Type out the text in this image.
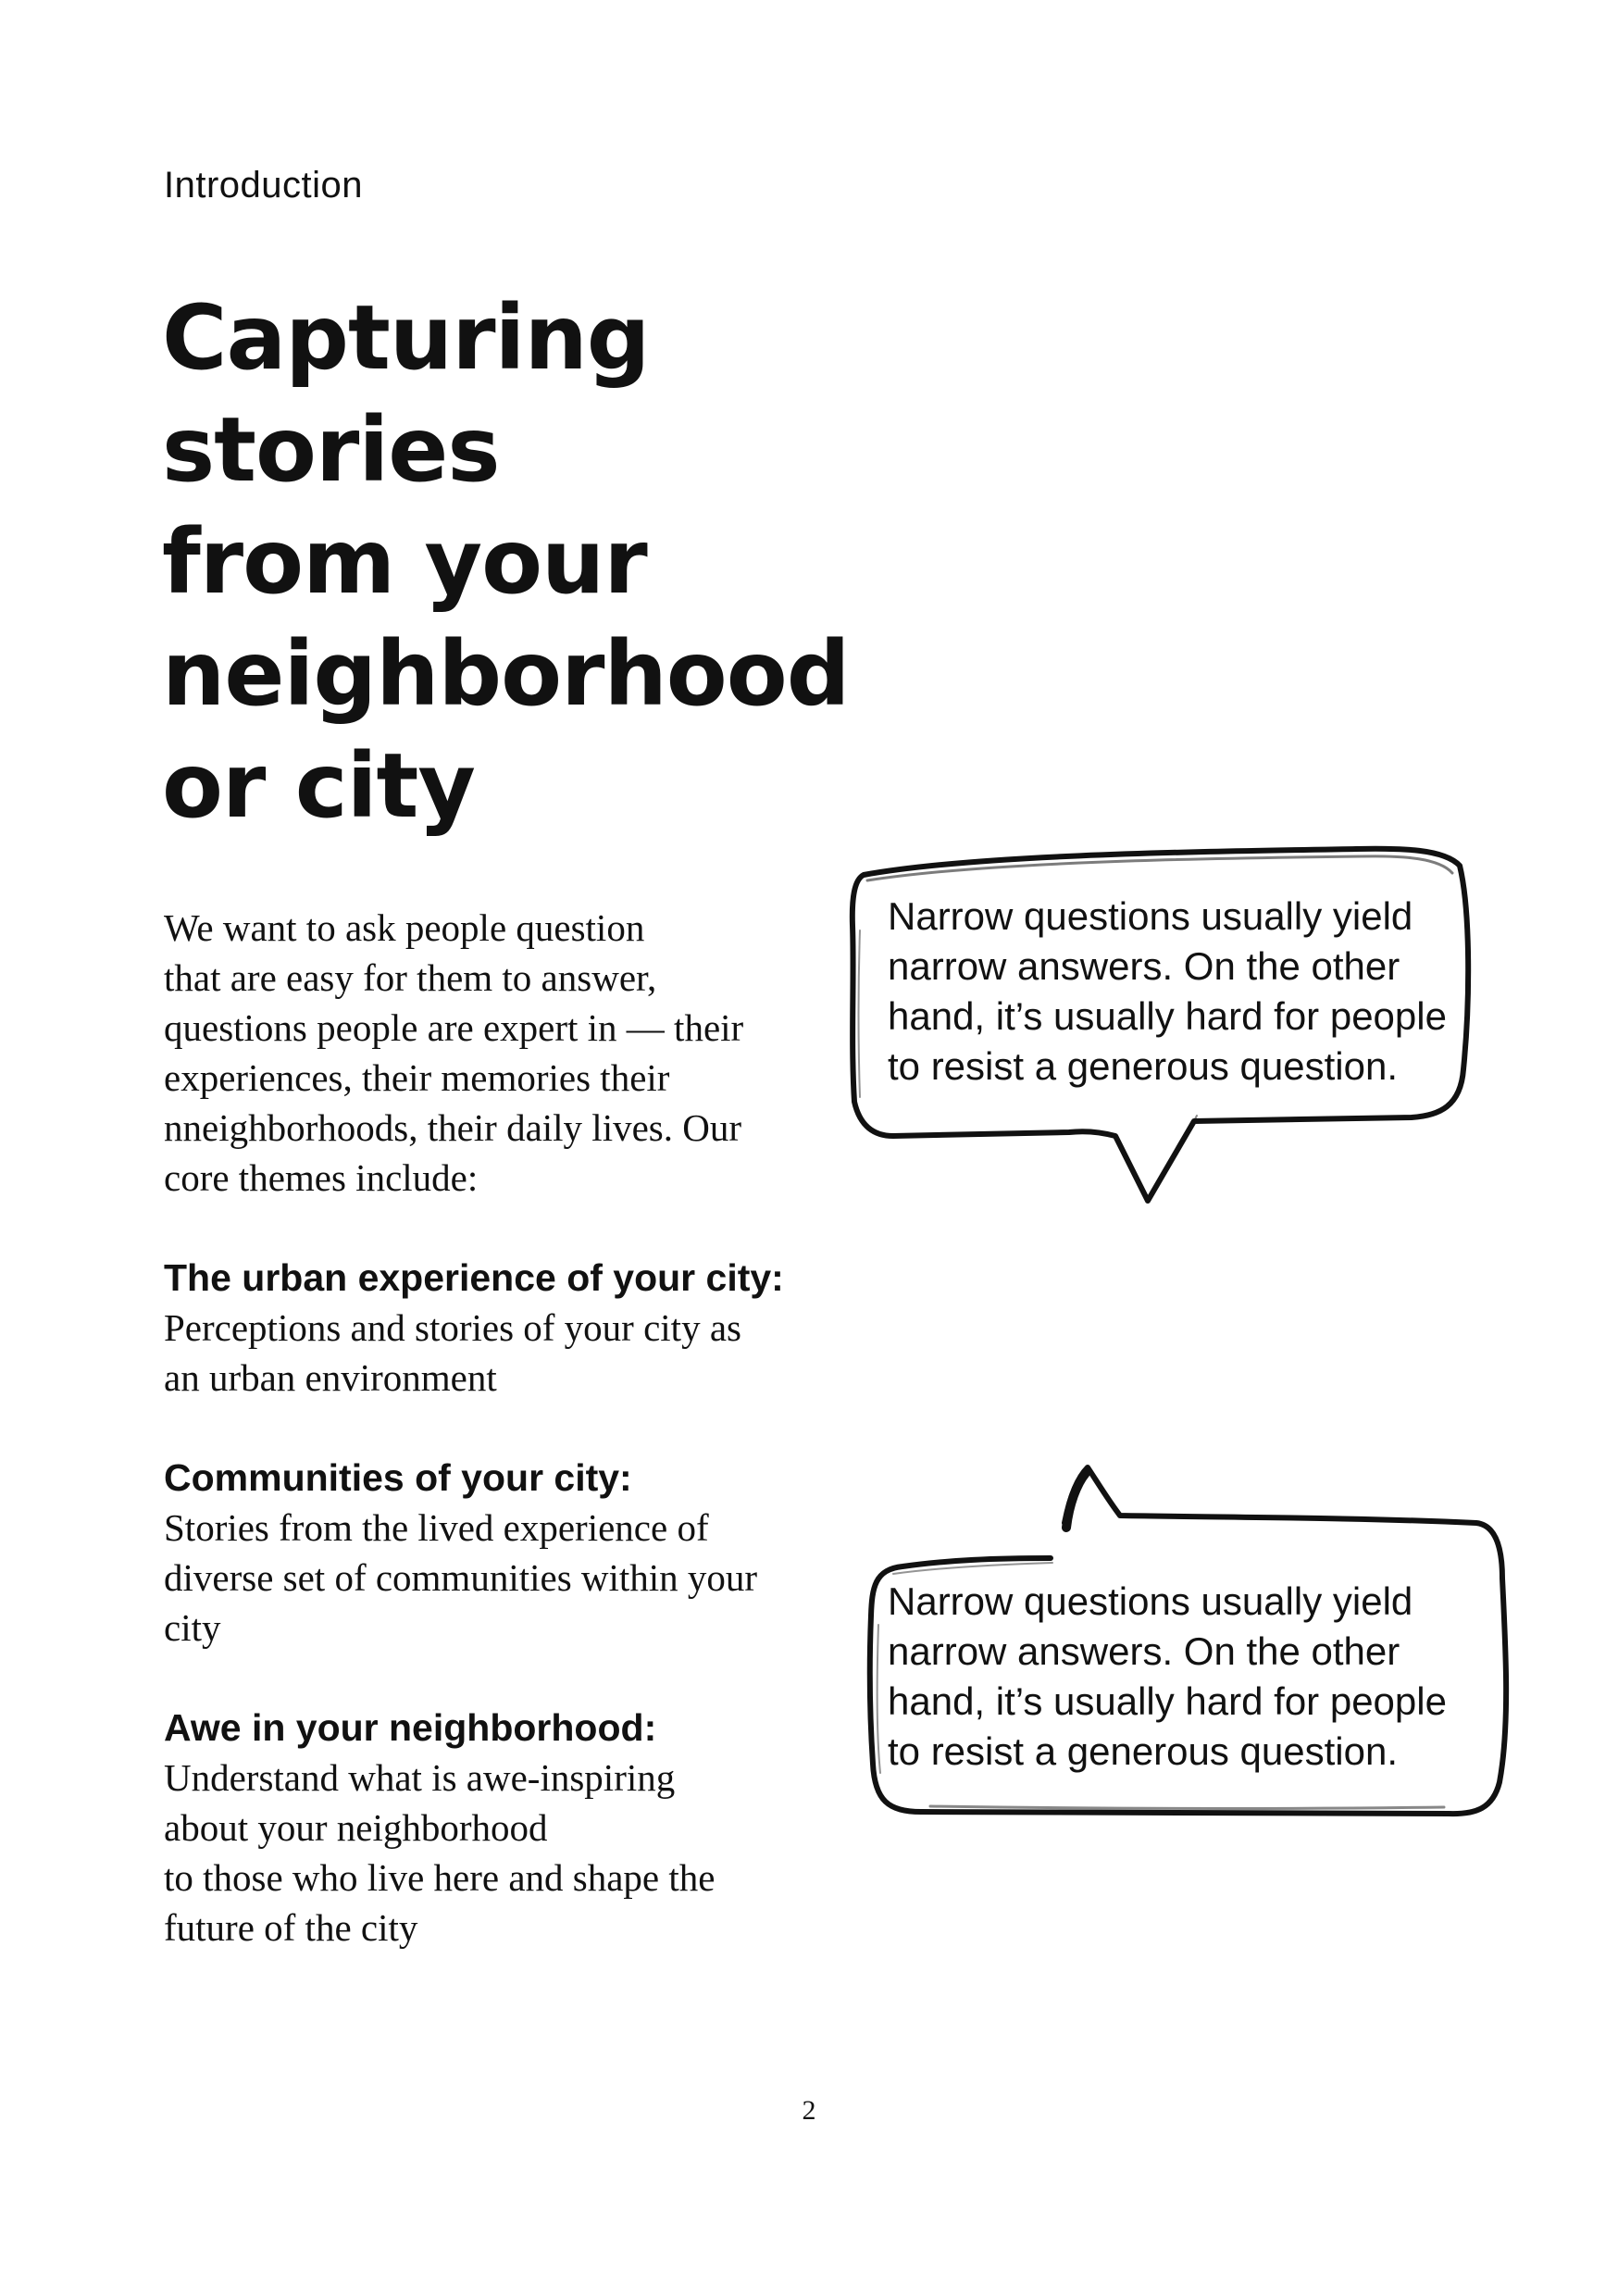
Introduction

Capturing
stories
from your
neighborhood
or city

We want to ask people question
that are easy for them to answer,
questions people are expert in — their
experiences, their memories their
nneighborhoods, their daily lives. Our
core themes include:

The urban experience of your city:

Perceptions and stories of your city as
an urban environment

Communities of your city:

Stories from the lived experience of
diverse set of communities within your
city

Awe in your neighborhood:

Understand what is awe-inspiring
about your neighborhood
to those who live here and shape the
future of the city

Narrow questions usually yield narrow answers. On the other hand, it’s usually hard for people to resist a generous question.

Narrow questions usually yield narrow answers. On the other hand, it’s usually hard for people to resist a generous question.

2
